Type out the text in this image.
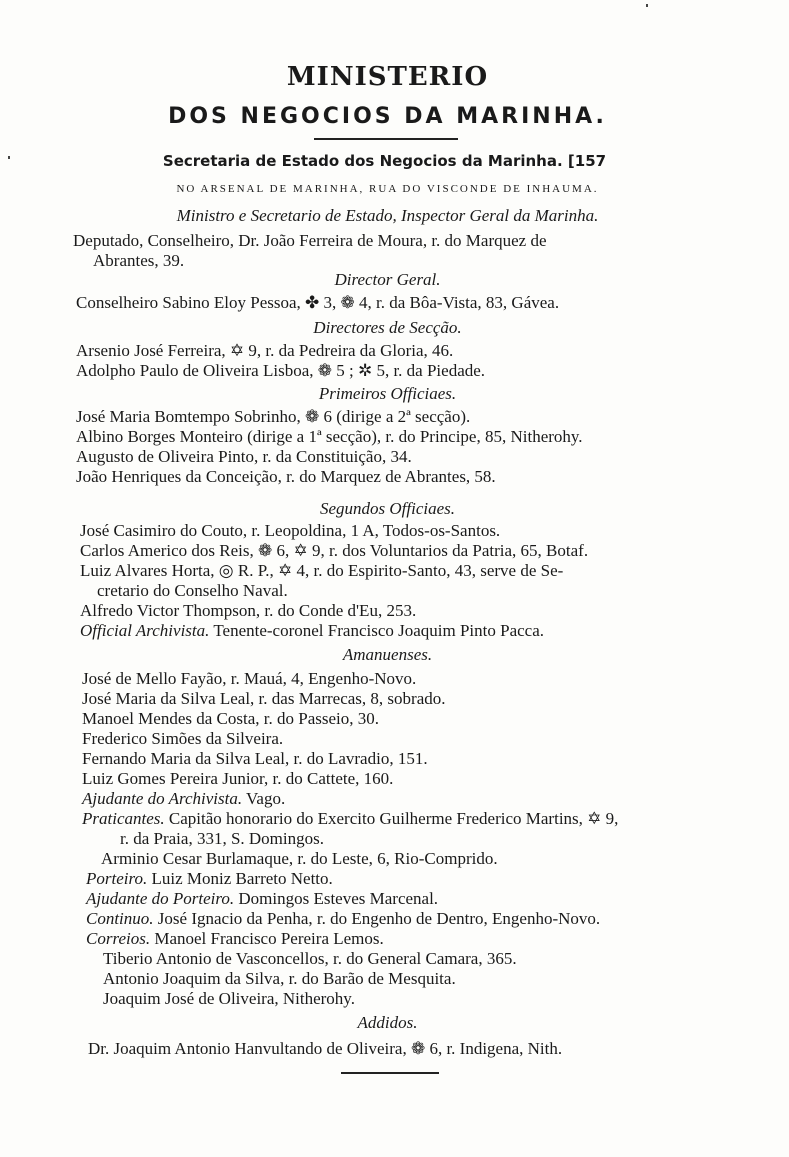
MINISTERIO
DOS NEGOCIOS DA MARINHA.
Secretaria de Estado dos Negocios da Marinha. [157
NO ARSENAL DE MARINHA, RUA DO VISCONDE DE INHAUMA.
Ministro e Secretario de Estado, Inspector Geral da Marinha.
Deputado, Conselheiro, Dr. João Ferreira de Moura, r. do Marquez de
Abrantes, 39.
Director Geral.
Conselheiro Sabino Eloy Pessoa, ✤ 3, ❁ 4, r. da Bôa-Vista, 83, Gávea.
Directores de Secção.
Arsenio José Ferreira, ✡ 9, r. da Pedreira da Gloria, 46.
Adolpho Paulo de Oliveira Lisboa, ❁ 5 ; ✲ 5, r. da Piedade.
Primeiros Officiaes.
José Maria Bomtempo Sobrinho, ❁ 6 (dirige a 2ª secção).
Albino Borges Monteiro (dirige a 1ª secção), r. do Principe, 85, Nitherohy.
Augusto de Oliveira Pinto, r. da Constituição, 34.
João Henriques da Conceição, r. do Marquez de Abrantes, 58.
Segundos Officiaes.
José Casimiro do Couto, r. Leopoldina, 1 A, Todos-os-Santos.
Carlos Americo dos Reis, ❁ 6, ✡ 9, r. dos Voluntarios da Patria, 65, Botaf.
Luiz Alvares Horta, ◎ R. P., ✡ 4, r. do Espirito-Santo, 43, serve de Se-
cretario do Conselho Naval.
Alfredo Victor Thompson, r. do Conde d'Eu, 253.
Official Archivista. Tenente-coronel Francisco Joaquim Pinto Pacca.
Amanuenses.
José de Mello Fayão, r. Mauá, 4, Engenho-Novo.
José Maria da Silva Leal, r. das Marrecas, 8, sobrado.
Manoel Mendes da Costa, r. do Passeio, 30.
Frederico Simões da Silveira.
Fernando Maria da Silva Leal, r. do Lavradio, 151.
Luiz Gomes Pereira Junior, r. do Cattete, 160.
Ajudante do Archivista. Vago.
Praticantes. Capitão honorario do Exercito Guilherme Frederico Martins, ✡ 9,
r. da Praia, 331, S. Domingos.
Arminio Cesar Burlamaque, r. do Leste, 6, Rio-Comprido.
Porteiro. Luiz Moniz Barreto Netto.
Ajudante do Porteiro. Domingos Esteves Marcenal.
Continuo. José Ignacio da Penha, r. do Engenho de Dentro, Engenho-Novo.
Correios. Manoel Francisco Pereira Lemos.
Tiberio Antonio de Vasconcellos, r. do General Camara, 365.
Antonio Joaquim da Silva, r. do Barão de Mesquita.
Joaquim José de Oliveira, Nitherohy.
Addidos.
Dr. Joaquim Antonio Hanvultando de Oliveira, ❁ 6, r. Indigena, Nith.
